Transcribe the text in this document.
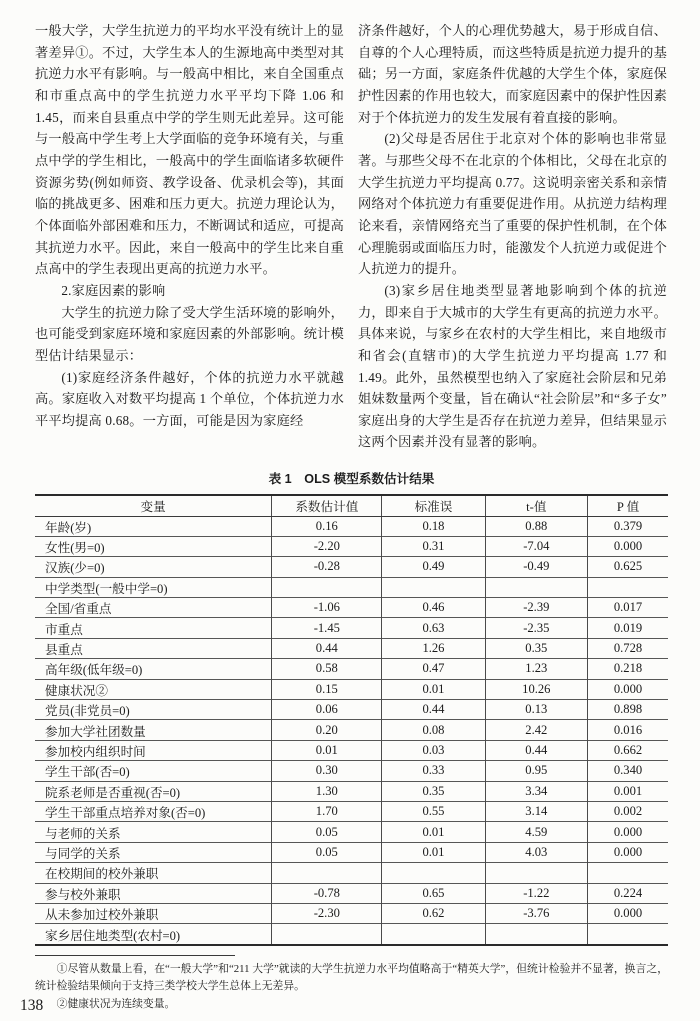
一般大学，大学生抗逆力的平均水平没有统计上的显著差异①。不过，大学生本人的生源地高中类型对其抗逆力水平有影响。与一般高中相比，来自全国重点和市重点高中的学生抗逆力水平平均下降 1.06 和 1.45，而来自县重点中学的学生则无此差异。这可能与一般高中学生考上大学面临的竞争环境有关，与重点中学的学生相比，一般高中的学生面临诸多软硬件资源劣势(例如师资、教学设备、优录机会等)，其面临的挑战更多、困难和压力更大。抗逆力理论认为，个体面临外部困难和压力，不断调试和适应，可提高其抗逆力水平。因此，来自一般高中的学生比来自重点高中的学生表现出更高的抗逆力水平。

2.家庭因素的影响

大学生的抗逆力除了受大学生活环境的影响外，也可能受到家庭环境和家庭因素的外部影响。统计模型估计结果显示：

(1)家庭经济条件越好，个体的抗逆力水平就越高。家庭收入对数平均提高 1 个单位，个体抗逆力水平平均提高 0.68。一方面，可能是因为家庭经

济条件越好，个人的心理优势越大，易于形成自信、自尊的个人心理特质，而这些特质是抗逆力提升的基础；另一方面，家庭条件优越的大学生个体，家庭保护性因素的作用也较大，而家庭因素中的保护性因素对于个体抗逆力的发生发展有着直接的影响。

(2)父母是否居住于北京对个体的影响也非常显著。与那些父母不在北京的个体相比，父母在北京的大学生抗逆力平均提高 0.77。这说明亲密关系和亲情网络对个体抗逆力有重要促进作用。从抗逆力结构理论来看，亲情网络充当了重要的保护性机制，在个体心理脆弱或面临压力时，能激发个人抗逆力或促进个人抗逆力的提升。

(3)家乡居住地类型显著地影响到个体的抗逆力，即来自于大城市的大学生有更高的抗逆力水平。具体来说，与家乡在农村的大学生相比，来自地级市和省会(直辖市)的大学生抗逆力平均提高 1.77 和 1.49。此外，虽然模型也纳入了家庭社会阶层和兄弟姐妹数量两个变量，旨在确认“社会阶层”和“多子女”家庭出身的大学生是否存在抗逆力差异，但结果显示这两个因素并没有显著的影响。

表 1　OLS 模型系数估计结果
变量	系数估计值	标准误	t-值	P 值
年龄(岁)	0.16	0.18	0.88	0.379
女性(男=0)	-2.20	0.31	-7.04	0.000
汉族(少=0)	-0.28	0.49	-0.49	0.625
中学类型(一般中学=0)				
全国/省重点	-1.06	0.46	-2.39	0.017
市重点	-1.45	0.63	-2.35	0.019
县重点	0.44	1.26	0.35	0.728
高年级(低年级=0)	0.58	0.47	1.23	0.218
健康状况②	0.15	0.01	10.26	0.000
党员(非党员=0)	0.06	0.44	0.13	0.898
参加大学社团数量	0.20	0.08	2.42	0.016
参加校内组织时间	0.01	0.03	0.44	0.662
学生干部(否=0)	0.30	0.33	0.95	0.340
院系老师是否重视(否=0)	1.30	0.35	3.34	0.001
学生干部重点培养对象(否=0)	1.70	0.55	3.14	0.002
与老师的关系	0.05	0.01	4.59	0.000
与同学的关系	0.05	0.01	4.03	0.000
在校期间的校外兼职				
参与校外兼职	-0.78	0.65	-1.22	0.224
从未参加过校外兼职	-2.30	0.62	-3.76	0.000
家乡居住地类型(农村=0)				

①尽管从数量上看，在“一般大学”和“211 大学”就读的大学生抗逆力水平均值略高于“精英大学”，但统计检验并不显著，换言之，统计检验结果倾向于支持三类学校大学生总体上无差异。

②健康状况为连续变量。

138
